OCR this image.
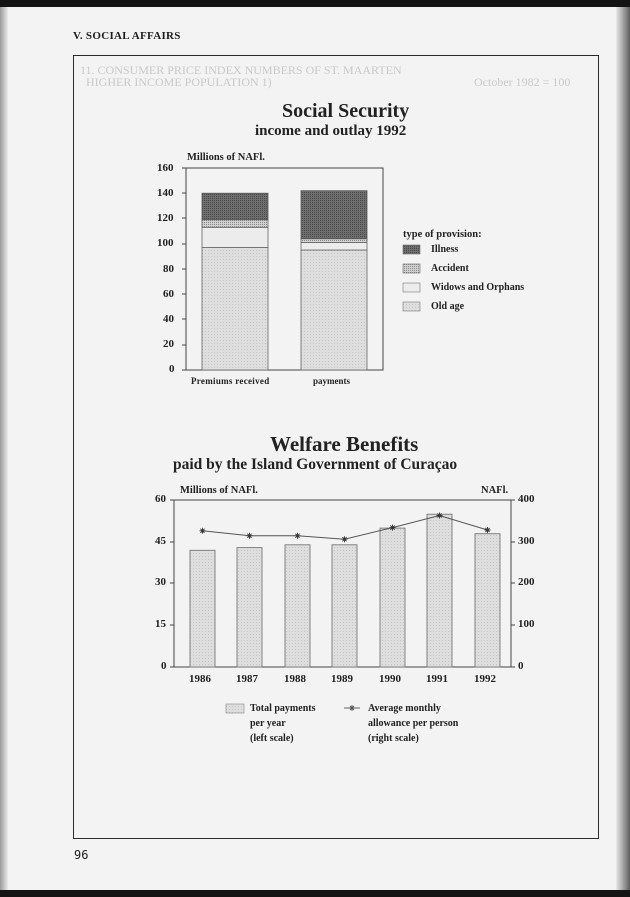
V. SOCIAL AFFAIRS
11. CONSUMER PRICE INDEX NUMBERS OF ST. MAARTEN
HIGHER INCOME POPULATION 1)	October 1982 = 100
Social Security
income and outlay 1992
Millions of NAFl.
160
140
120
100
80
60
40
20
0
type of provision:
Illness
Accident
Widows and Orphans
Old age
Premiums received	payments
Welfare Benefits
paid by the Island Government of Curaçao
Millions of NAFl.	NAFl.
60
45
30
15
0
400
300
200
100
0
1986 1987 1988 1989 1990 1991 1992
Total payments
per year
(left scale)
Average monthly
allowance per person
(right scale)
96
